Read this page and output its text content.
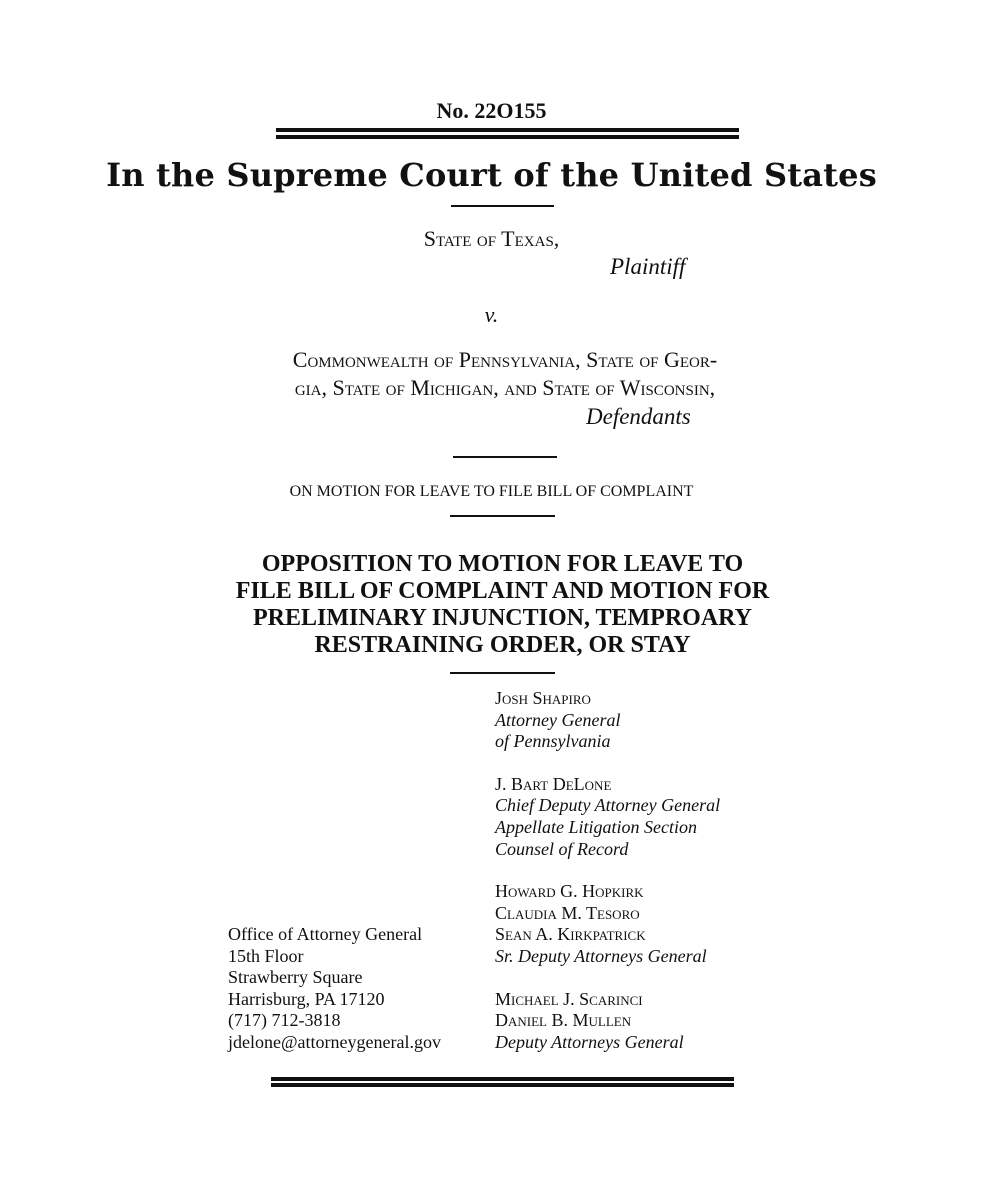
No. 22O155
In the Supreme Court of the United States
State of Texas,
Plaintiff
v.
Commonwealth of Pennsylvania, State of Geor-
gia, State of Michigan, and State of Wisconsin,
Defendants
ON MOTION FOR LEAVE TO FILE BILL OF COMPLAINT
OPPOSITION TO MOTION FOR LEAVE TO
FILE BILL OF COMPLAINT AND MOTION FOR
PRELIMINARY INJUNCTION, TEMPROARY
RESTRAINING ORDER, OR STAY
Josh Shapiro
Attorney General
of Pennsylvania
J. Bart DeLone
Chief Deputy Attorney General
Appellate Litigation Section
Counsel of Record
Howard G. Hopkirk
Claudia M. Tesoro
Sean A. Kirkpatrick
Sr. Deputy Attorneys General
Michael J. Scarinci
Daniel B. Mullen
Deputy Attorneys General
Office of Attorney General
15th Floor
Strawberry Square
Harrisburg, PA 17120
(717) 712-3818
jdelone@attorneygeneral.gov
